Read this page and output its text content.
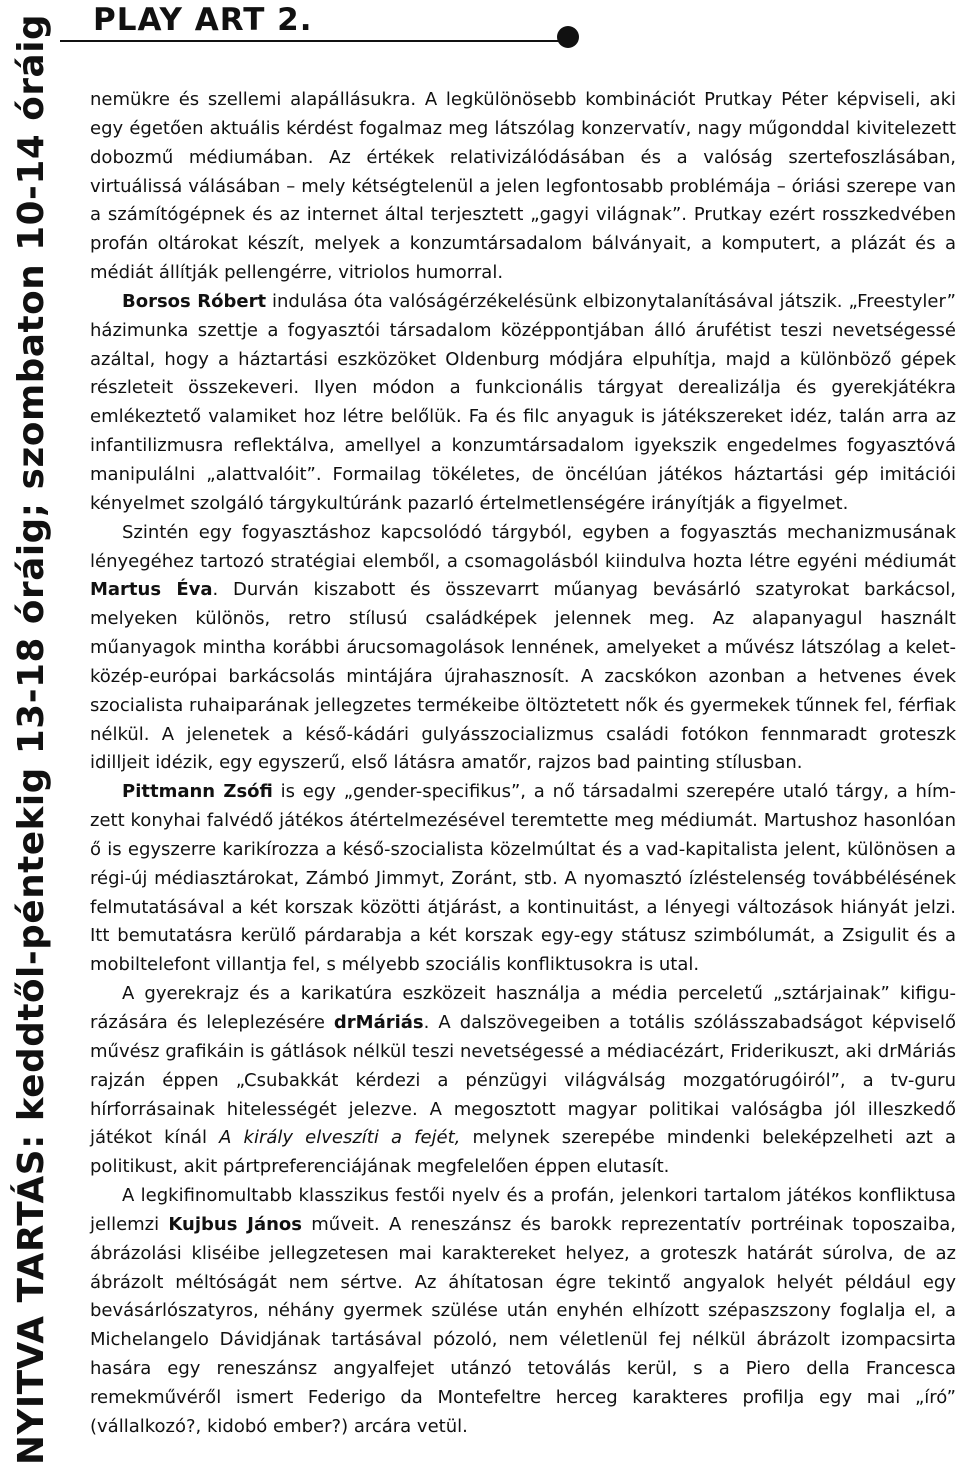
NYITVA TARTÁS: keddtől-péntekig 13-18 óráig; szombaton 10-14 óráig PLAY ART 2.

nemükre és szellemi alapállásukra. A legkülönösebb kombinációt Prutkay Péter képviseli, aki egy égetően aktuális kérdést fogalmaz meg látszólag konzervatív, nagy műgonddal kivitelezett dobozmű médiumában. Az értékek relativizálódásában és a valóság szertefoszlásában, virtuálissá válásában – mely kétségtelenül a jelen legfontosabb problémája – óriási szerepe van a számítógépnek és az internet által terjesztett „gagyi világnak”. Prutkay ezért rosszkedvében profán oltárokat készít, melyek a konzumtársadalom bálványait, a komputert, a plázát és a médiát állítják pellengérre, vitriolos humorral.

Borsos Róbert indulása óta valóságérzékelésünk elbizonytalanításával játszik. „Freestyler” házimunka szettje a fogyasztói társadalom középpontjában álló árufétist teszi nevetségessé azáltal, hogy a háztartási eszközöket Oldenburg módjára elpuhítja, majd a különböző gépek részleteit összekeveri. Ilyen módon a funkcionális tárgyat derealizálja és gyerekjátékra emlékeztető valamiket hoz létre belőlük. Fa és filc anyaguk is játékszereket idéz, talán arra az infantilizmusra reflektálva, amellyel a konzumtársadalom igyekszik engedelmes fogyasztóvá manipulálni „alattvalóit”. Formailag tökéletes, de öncélúan játékos háztartási gép imitációi kényelmet szolgáló tárgykultúránk pazarló értelmetlenségére irányítják a figyelmet.

Szintén egy fogyasztáshoz kapcsolódó tárgyból, egyben a fogyasztás mechanizmusának lényegéhez tartozó stratégiai elemből, a csomagolásból kiindulva hozta létre egyéni médiumát Martus Éva. Durván kiszabott és összevarrt műanyag bevásárló szatyrokat barkácsol, melyeken különös, retro stílusú családképek jelennek meg. Az alapanyagul használt műanyagok mintha korábbi árucsomagolások lennének, amelyeket a művész látszólag a kelet-közép-európai barkácsolás mintájára újrahasznosít. A zacskókon azonban a hetvenes évek szocialista ruhaiparának jellegzetes termékeibe öltöztetett nők és gyermekek tűnnek fel, férfiak nélkül. A jelenetek a késő-kádári gulyásszocializmus családi fotókon fennmaradt groteszk idilljeit idézik, egy egyszerű, első látásra amatőr, rajzos bad painting stílusban.

Pittmann Zsófi is egy „gender-specifikus”, a nő társadalmi szerepére utaló tárgy, a hímzett konyhai falvédő játékos átértelmezésével teremtette meg médiumát. Martushoz hasonlóan ő is egyszerre karikírozza a késő-szocialista közelmúltat és a vad-kapitalista jelent, különösen a régi-új médiasztárokat, Zámbó Jimmyt, Zoránt, stb. A nyomasztó ízléstelenség továbbélésének felmutatásával a két korszak közötti átjárást, a kontinuitást, a lényegi változások hiányát jelzi. Itt bemutatásra kerülő párdarabja a két korszak egy-egy státusz szimbólumát, a Zsigulit és a mobiltelefont villantja fel, s mélyebb szociális konfliktusokra is utal.

A gyerekrajz és a karikatúra eszközeit használja a média perceletű „sztárjainak” kifigurázására és leleplezésére drMáriás. A dalszövegeiben a totális szólásszabadságot képviselő művész grafikáin is gátlások nélkül teszi nevetségessé a médiacézárt, Friderikuszt, aki drMáriás rajzán éppen „Csubakkát kérdezi a pénzügyi világválság mozgatórugóiról”, a tv-guru hírforrásainak hitelességét jelezve. A megosztott magyar politikai valóságba jól illeszkedő játékot kínál A király elveszíti a fejét, melynek szerepébe mindenki beleképzelheti azt a politikust, akit pártpreferenciájának megfelelően éppen elutasít.

A legkifinomultabb klasszikus festői nyelv és a profán, jelenkori tartalom játékos konfliktusa jellemzi Kujbus János műveit. A reneszánsz és barokk reprezentatív portréinak toposzaiba, ábrázolási kliséibe jellegzetesen mai karaktereket helyez, a groteszk határát súrolva, de az ábrázolt méltóságát nem sértve. Az áhítatosan égre tekintő angyalok helyét például egy bevásárlószatyros, néhány gyermek szülése után enyhén elhízott szépaszszony foglalja el, a Michelangelo Dávidjának tartásával pózoló, nem véletlenül fej nélkül ábrázolt izompacsirta hasára egy reneszánsz angyalfejet utánzó tetoválás kerül, s a Piero della Francesca remekművéről ismert Federigo da Montefeltre herceg karakteres profilja egy mai „író” (vállalkozó?, kidobó ember?) arcára vetül.
